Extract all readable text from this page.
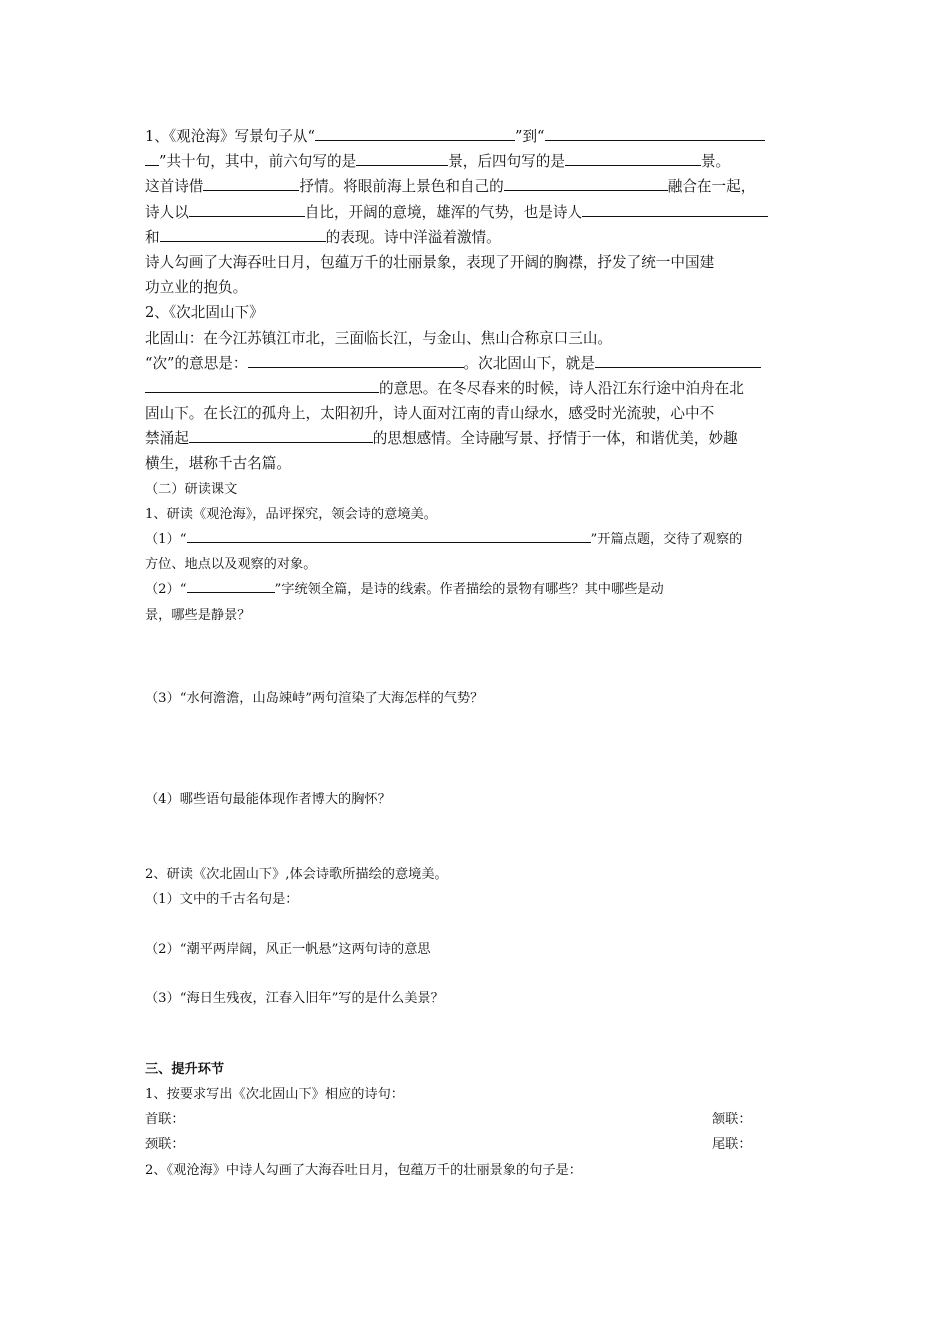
1、《观沧海》写景句子从“	”到“
”共十句，其中，前六句写的是	景，后四句写的是	景。
这首诗借	抒情。将眼前海上景色和自己的	融合在一起，
诗人以	自比，开阔的意境，雄浑的气势，也是诗人
和	的表现。诗中洋溢着激情。
诗人勾画了大海吞吐日月，包蕴万千的壮丽景象，表现了开阔的胸襟，抒发了统一中国建
功立业的抱负。
2、《次北固山下》
北固山：在今江苏镇江市北，三面临长江，与金山、焦山合称京口三山。
“次”的意思是：	。次北固山下，就是
的意思。在冬尽春来的时候，诗人沿江东行途中泊舟在北
固山下。在长江的孤舟上，太阳初升，诗人面对江南的青山绿水，感受时光流驶，心中不
禁涌起	的思想感情。全诗融写景、抒情于一体，和谐优美，妙趣
横生，堪称千古名篇。
（二）研读课文
1、研读《观沧海》，品评探究，领会诗的意境美。
（1）“	”开篇点题，交待了观察的
方位、地点以及观察的对象。
（2）“	”字统领全篇，是诗的线索。作者描绘的景物有哪些？其中哪些是动
景，哪些是静景？
（3）“水何澹澹，山岛竦峙”两句渲染了大海怎样的气势？
（4）哪些语句最能体现作者博大的胸怀？
2、研读《次北固山下》,体会诗歌所描绘的意境美。
（1）文中的千古名句是：
（2）“潮平两岸阔，风正一帆悬”这两句诗的意思
（3）“海日生残夜，江春入旧年”写的是什么美景？
三、提升环节
1、按要求写出《次北固山下》相应的诗句：
首联：	颔联：
颈联：	尾联：
2、《观沧海》中诗人勾画了大海吞吐日月，包蕴万千的壮丽景象的句子是：
